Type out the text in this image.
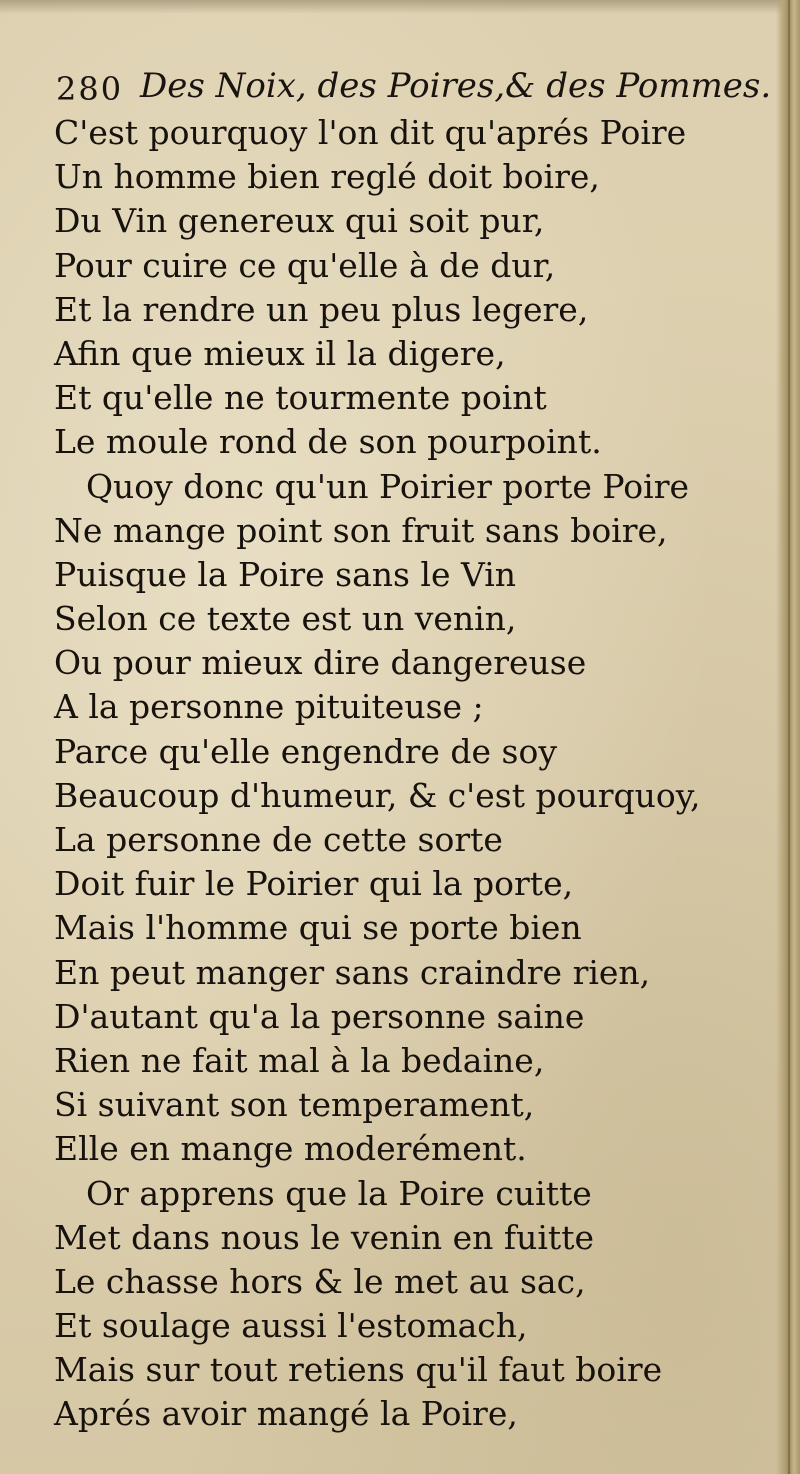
280 Des Noix, des Poires,& des Pommes.
C'est pourquoy l'on dit qu'aprés Poire
Un homme bien reglé doit boire,
Du Vin genereux qui soit pur,
Pour cuire ce qu'elle à de dur,
Et la rendre un peu plus legere,
Afin que mieux il la digere,
Et qu'elle ne tourmente point
Le moule rond de son pourpoint.
Quoy donc qu'un Poirier porte Poire
Ne mange point son fruit sans boire,
Puisque la Poire sans le Vin
Selon ce texte est un venin,
Ou pour mieux dire dangereuse
A la personne pituiteuse ;
Parce qu'elle engendre de soy
Beaucoup d'humeur, & c'est pourquoy,
La personne de cette sorte
Doit fuir le Poirier qui la porte,
Mais l'homme qui se porte bien
En peut manger sans craindre rien,
D'autant qu'a la personne saine
Rien ne fait mal à la bedaine,
Si suivant son temperament,
Elle en mange moderément.
Or apprens que la Poire cuitte
Met dans nous le venin en fuitte
Le chasse hors & le met au sac,
Et soulage aussi l'estomach,
Mais sur tout retiens qu'il faut boire
Aprés avoir mangé la Poire,
